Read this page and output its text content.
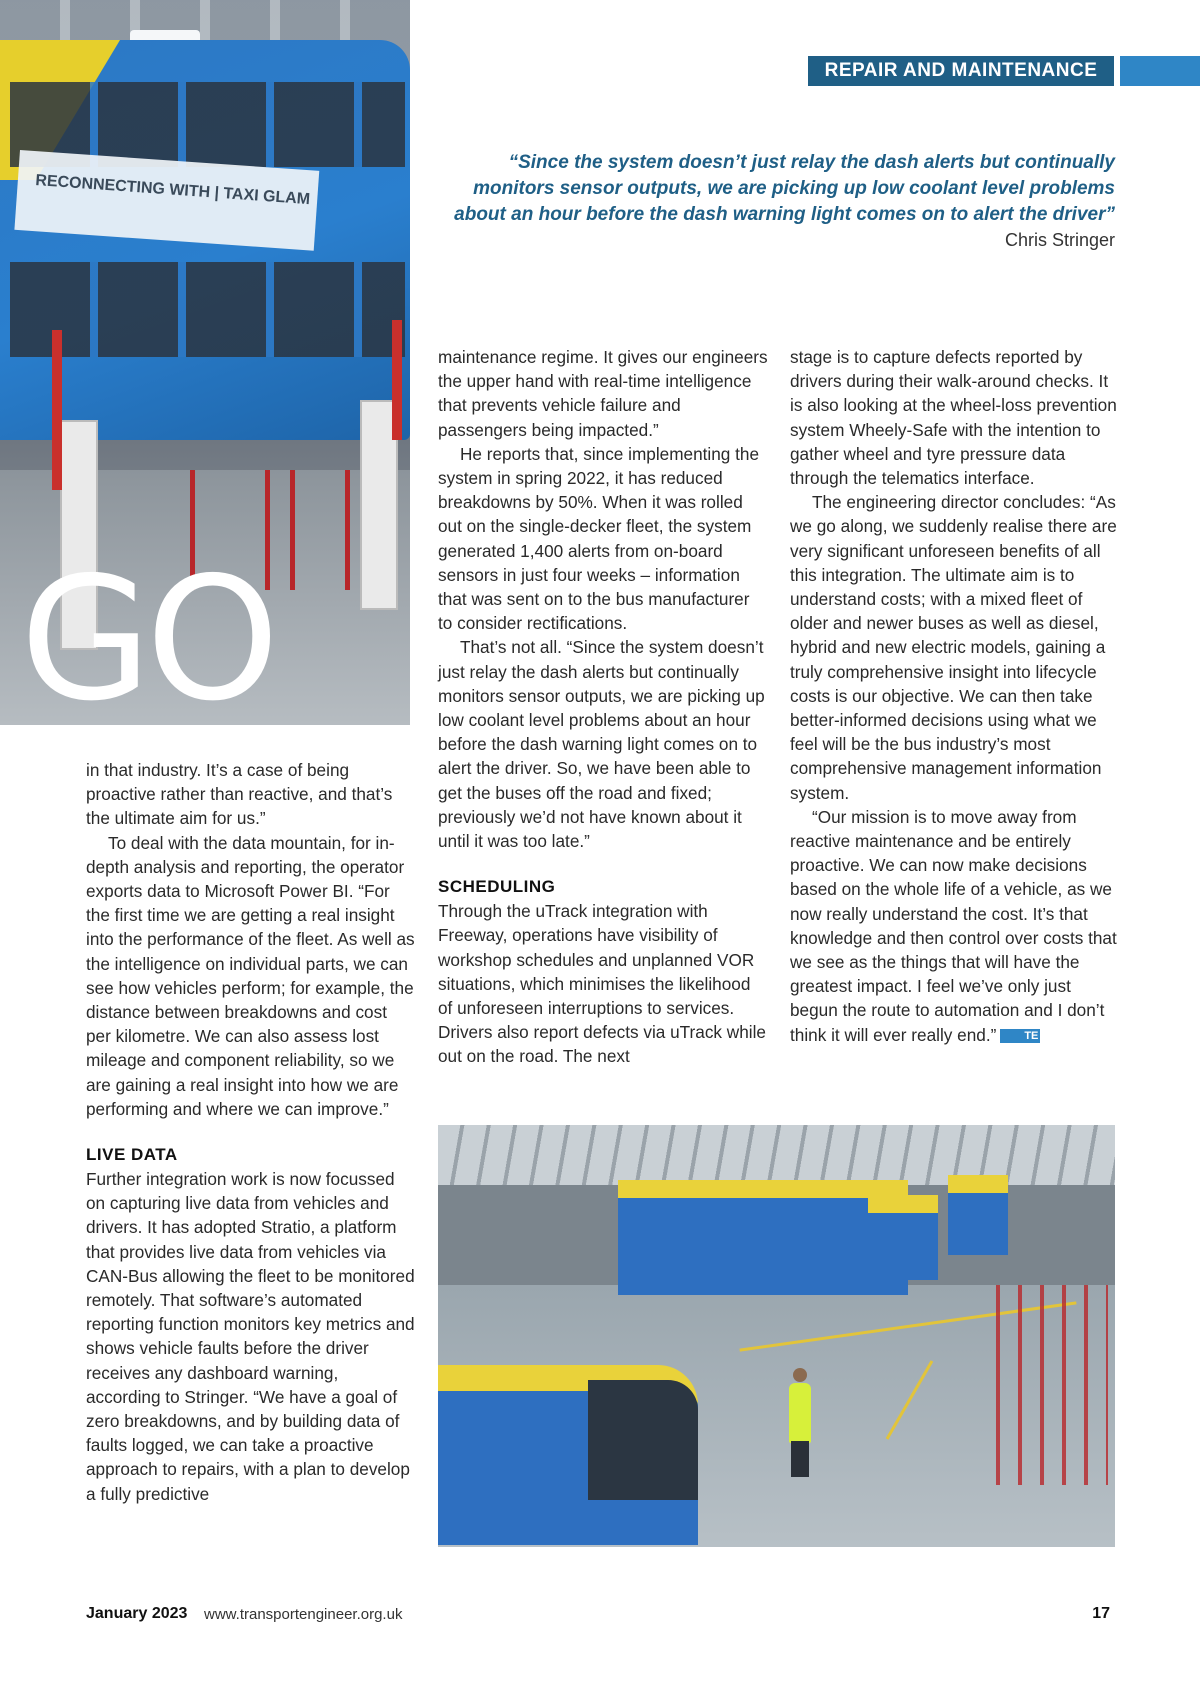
REPAIR AND MAINTENANCE
“Since the system doesn’t just relay the dash alerts but continually
monitors sensor outputs, we are picking up low coolant level problems
about an hour before the dash warning light comes on to alert the driver”
Chris Stringer
RECONNECTING WITH | TAXI GLAM
GO

in that industry. It’s a case of being proactive rather than reactive, and that’s the ultimate aim for us.”

To deal with the data mountain, for in-depth analysis and reporting, the operator exports data to Microsoft Power BI. “For the first time we are getting a real insight into the performance of the fleet. As well as the intelligence on individual parts, we can see how vehicles perform; for example, the distance between breakdowns and cost per kilometre. We can also assess lost mileage and component reliability, so we are gaining a real insight into how we are performing and where we can improve.”

LIVE DATA

Further integration work is now focussed on capturing live data from vehicles and drivers. It has adopted Stratio, a platform that provides live data from vehicles via CAN-Bus allowing the fleet to be monitored remotely. That software’s automated reporting function monitors key metrics and shows vehicle faults before the driver receives any dashboard warning, according to Stringer. “We have a goal of zero breakdowns, and by building data of faults logged, we can take a proactive approach to repairs, with a plan to develop a fully predictive

maintenance regime. It gives our engineers the upper hand with real-time intelligence that prevents vehicle failure and passengers being impacted.”

He reports that, since implementing the system in spring 2022, it has reduced breakdowns by 50%. When it was rolled out on the single-decker fleet, the system generated 1,400 alerts from on-board sensors in just four weeks – information that was sent on to the bus manufacturer to consider rectifications.

That’s not all. “Since the system doesn’t just relay the dash alerts but continually monitors sensor outputs, we are picking up low coolant level problems about an hour before the dash warning light comes on to alert the driver. So, we have been able to get the buses off the road and fixed; previously we’d not have known about it until it was too late.”

SCHEDULING

Through the uTrack integration with Freeway, operations have visibility of workshop schedules and unplanned VOR situations, which minimises the likelihood of unforeseen interruptions to services. Drivers also report defects via uTrack while out on the road. The next

stage is to capture defects reported by drivers during their walk-around checks. It is also looking at the wheel-loss prevention system Wheely-Safe with the intention to gather wheel and tyre pressure data through the telematics interface.

The engineering director concludes: “As we go along, we suddenly realise there are very significant unforeseen benefits of all this integration. The ultimate aim is to understand costs; with a mixed fleet of older and newer buses as well as diesel, hybrid and new electric models, gaining a truly comprehensive insight into lifecycle costs is our objective. We can then take better-informed decisions using what we feel will be the bus industry’s most comprehensive management information system.

“Our mission is to move away from reactive maintenance and be entirely proactive. We can now make decisions based on the whole life of a vehicle, as we now really understand the cost. It’s that knowledge and then control over costs that we see as the things that will have the greatest impact. I feel we’ve only just begun the route to automation and I don’t think it will ever really end.”	TE

January 2023 www.transportengineer.org.uk	17
